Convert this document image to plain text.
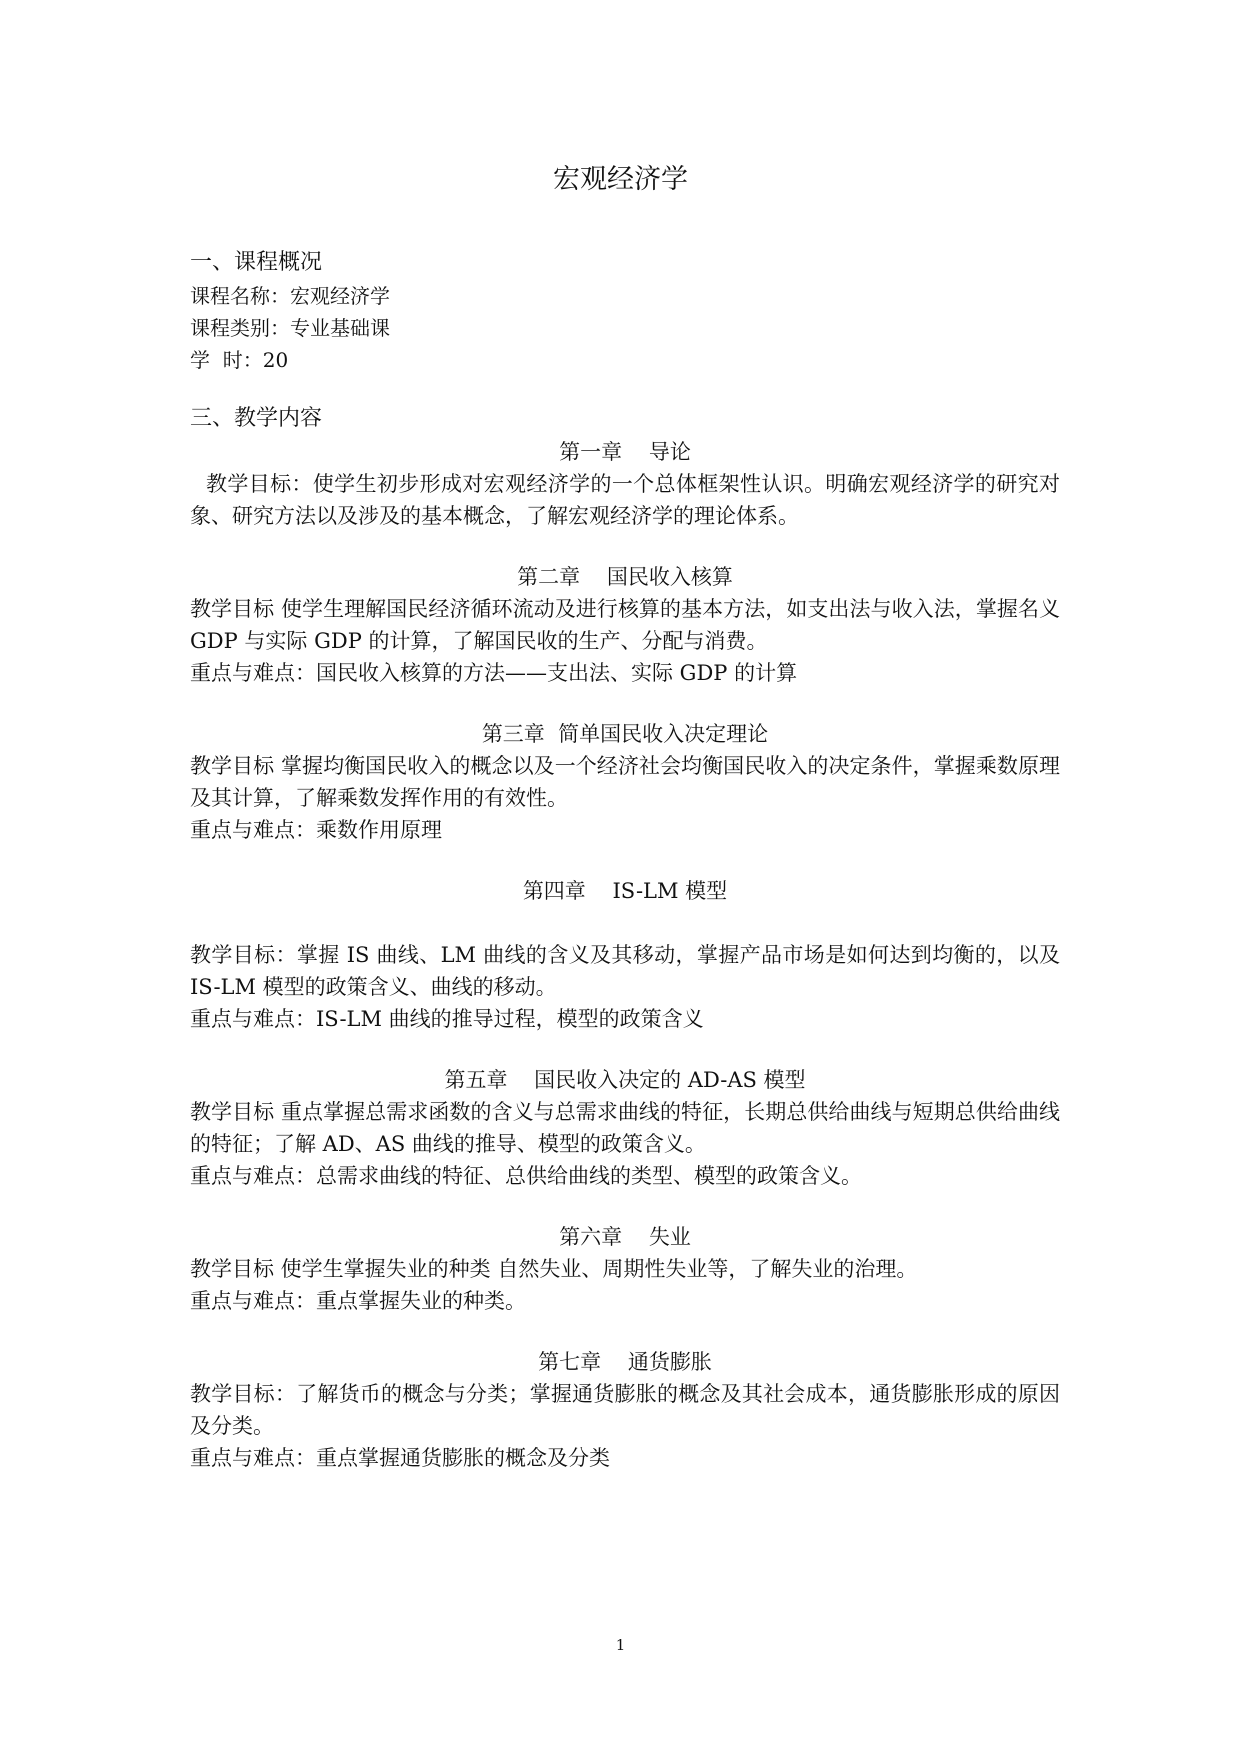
宏观经济学
一、课程概况
课程名称：宏观经济学
课程类别：专业基础课
学  时：20
三、教学内容
第一章    导论
教学目标：使学生初步形成对宏观经济学的一个总体框架性认识。明确宏观经济学的研究对象、研究方法以及涉及的基本概念，了解宏观经济学的理论体系。
第二章    国民收入核算
教学目标 使学生理解国民经济循环流动及进行核算的基本方法，如支出法与收入法，掌握名义 GDP 与实际 GDP 的计算，了解国民收的生产、分配与消费。
重点与难点：国民收入核算的方法——支出法、实际 GDP 的计算
第三章  简单国民收入决定理论
教学目标 掌握均衡国民收入的概念以及一个经济社会均衡国民收入的决定条件，掌握乘数原理及其计算，了解乘数发挥作用的有效性。
重点与难点：乘数作用原理
第四章    IS-LM 模型
教学目标：掌握 IS 曲线、LM 曲线的含义及其移动，掌握产品市场是如何达到均衡的，以及 IS-LM 模型的政策含义、曲线的移动。
重点与难点：IS-LM 曲线的推导过程，模型的政策含义
第五章    国民收入决定的 AD-AS 模型
教学目标 重点掌握总需求函数的含义与总需求曲线的特征，长期总供给曲线与短期总供给曲线的特征；了解 AD、AS 曲线的推导、模型的政策含义。
重点与难点：总需求曲线的特征、总供给曲线的类型、模型的政策含义。
第六章    失业
教学目标 使学生掌握失业的种类 自然失业、周期性失业等，了解失业的治理。
重点与难点：重点掌握失业的种类。
第七章    通货膨胀
教学目标：了解货币的概念与分类；掌握通货膨胀的概念及其社会成本，通货膨胀形成的原因及分类。
重点与难点：重点掌握通货膨胀的概念及分类
1
